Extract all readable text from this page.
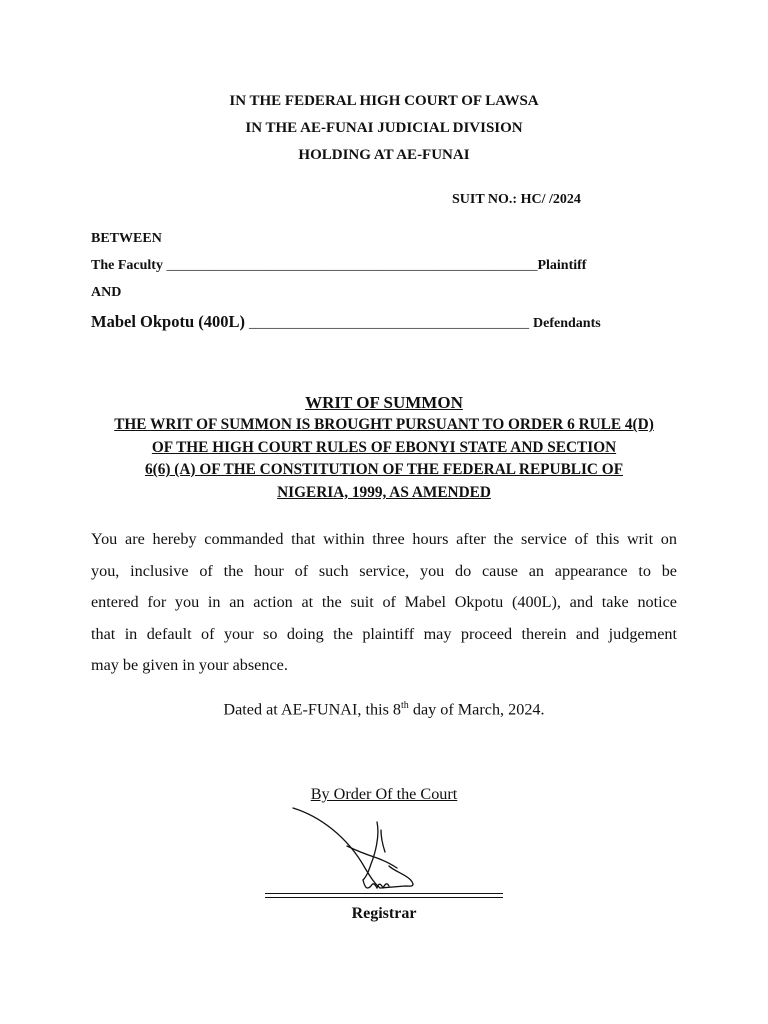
IN THE FEDERAL HIGH COURT OF LAWSA
IN THE AE-FUNAI JUDICIAL DIVISION
HOLDING AT AE-FUNAI
SUIT NO.: HC/ /2024
BETWEEN
The Faculty _____________________________________________________Plaintiff
AND
Mabel Okpotu (400L) ________________________________________ Defendants
WRIT OF SUMMON
THE WRIT OF SUMMON IS BROUGHT PURSUANT TO ORDER 6 RULE 4(D)
OF THE HIGH COURT RULES OF EBONYI STATE AND SECTION
6(6) (A) OF THE CONSTITUTION OF THE FEDERAL REPUBLIC OF
NIGERIA, 1999, AS AMENDED
You are hereby commanded that within three hours after the service of this writ on
you, inclusive of the hour of such service, you do cause an appearance to be
entered for you in an action at the suit of Mabel Okpotu (400L), and take notice
that in default of your so doing the plaintiff may proceed therein and judgement
may be given in your absence.
Dated at AE-FUNAI, this 8th day of March, 2024.
By Order Of the Court
Registrar
